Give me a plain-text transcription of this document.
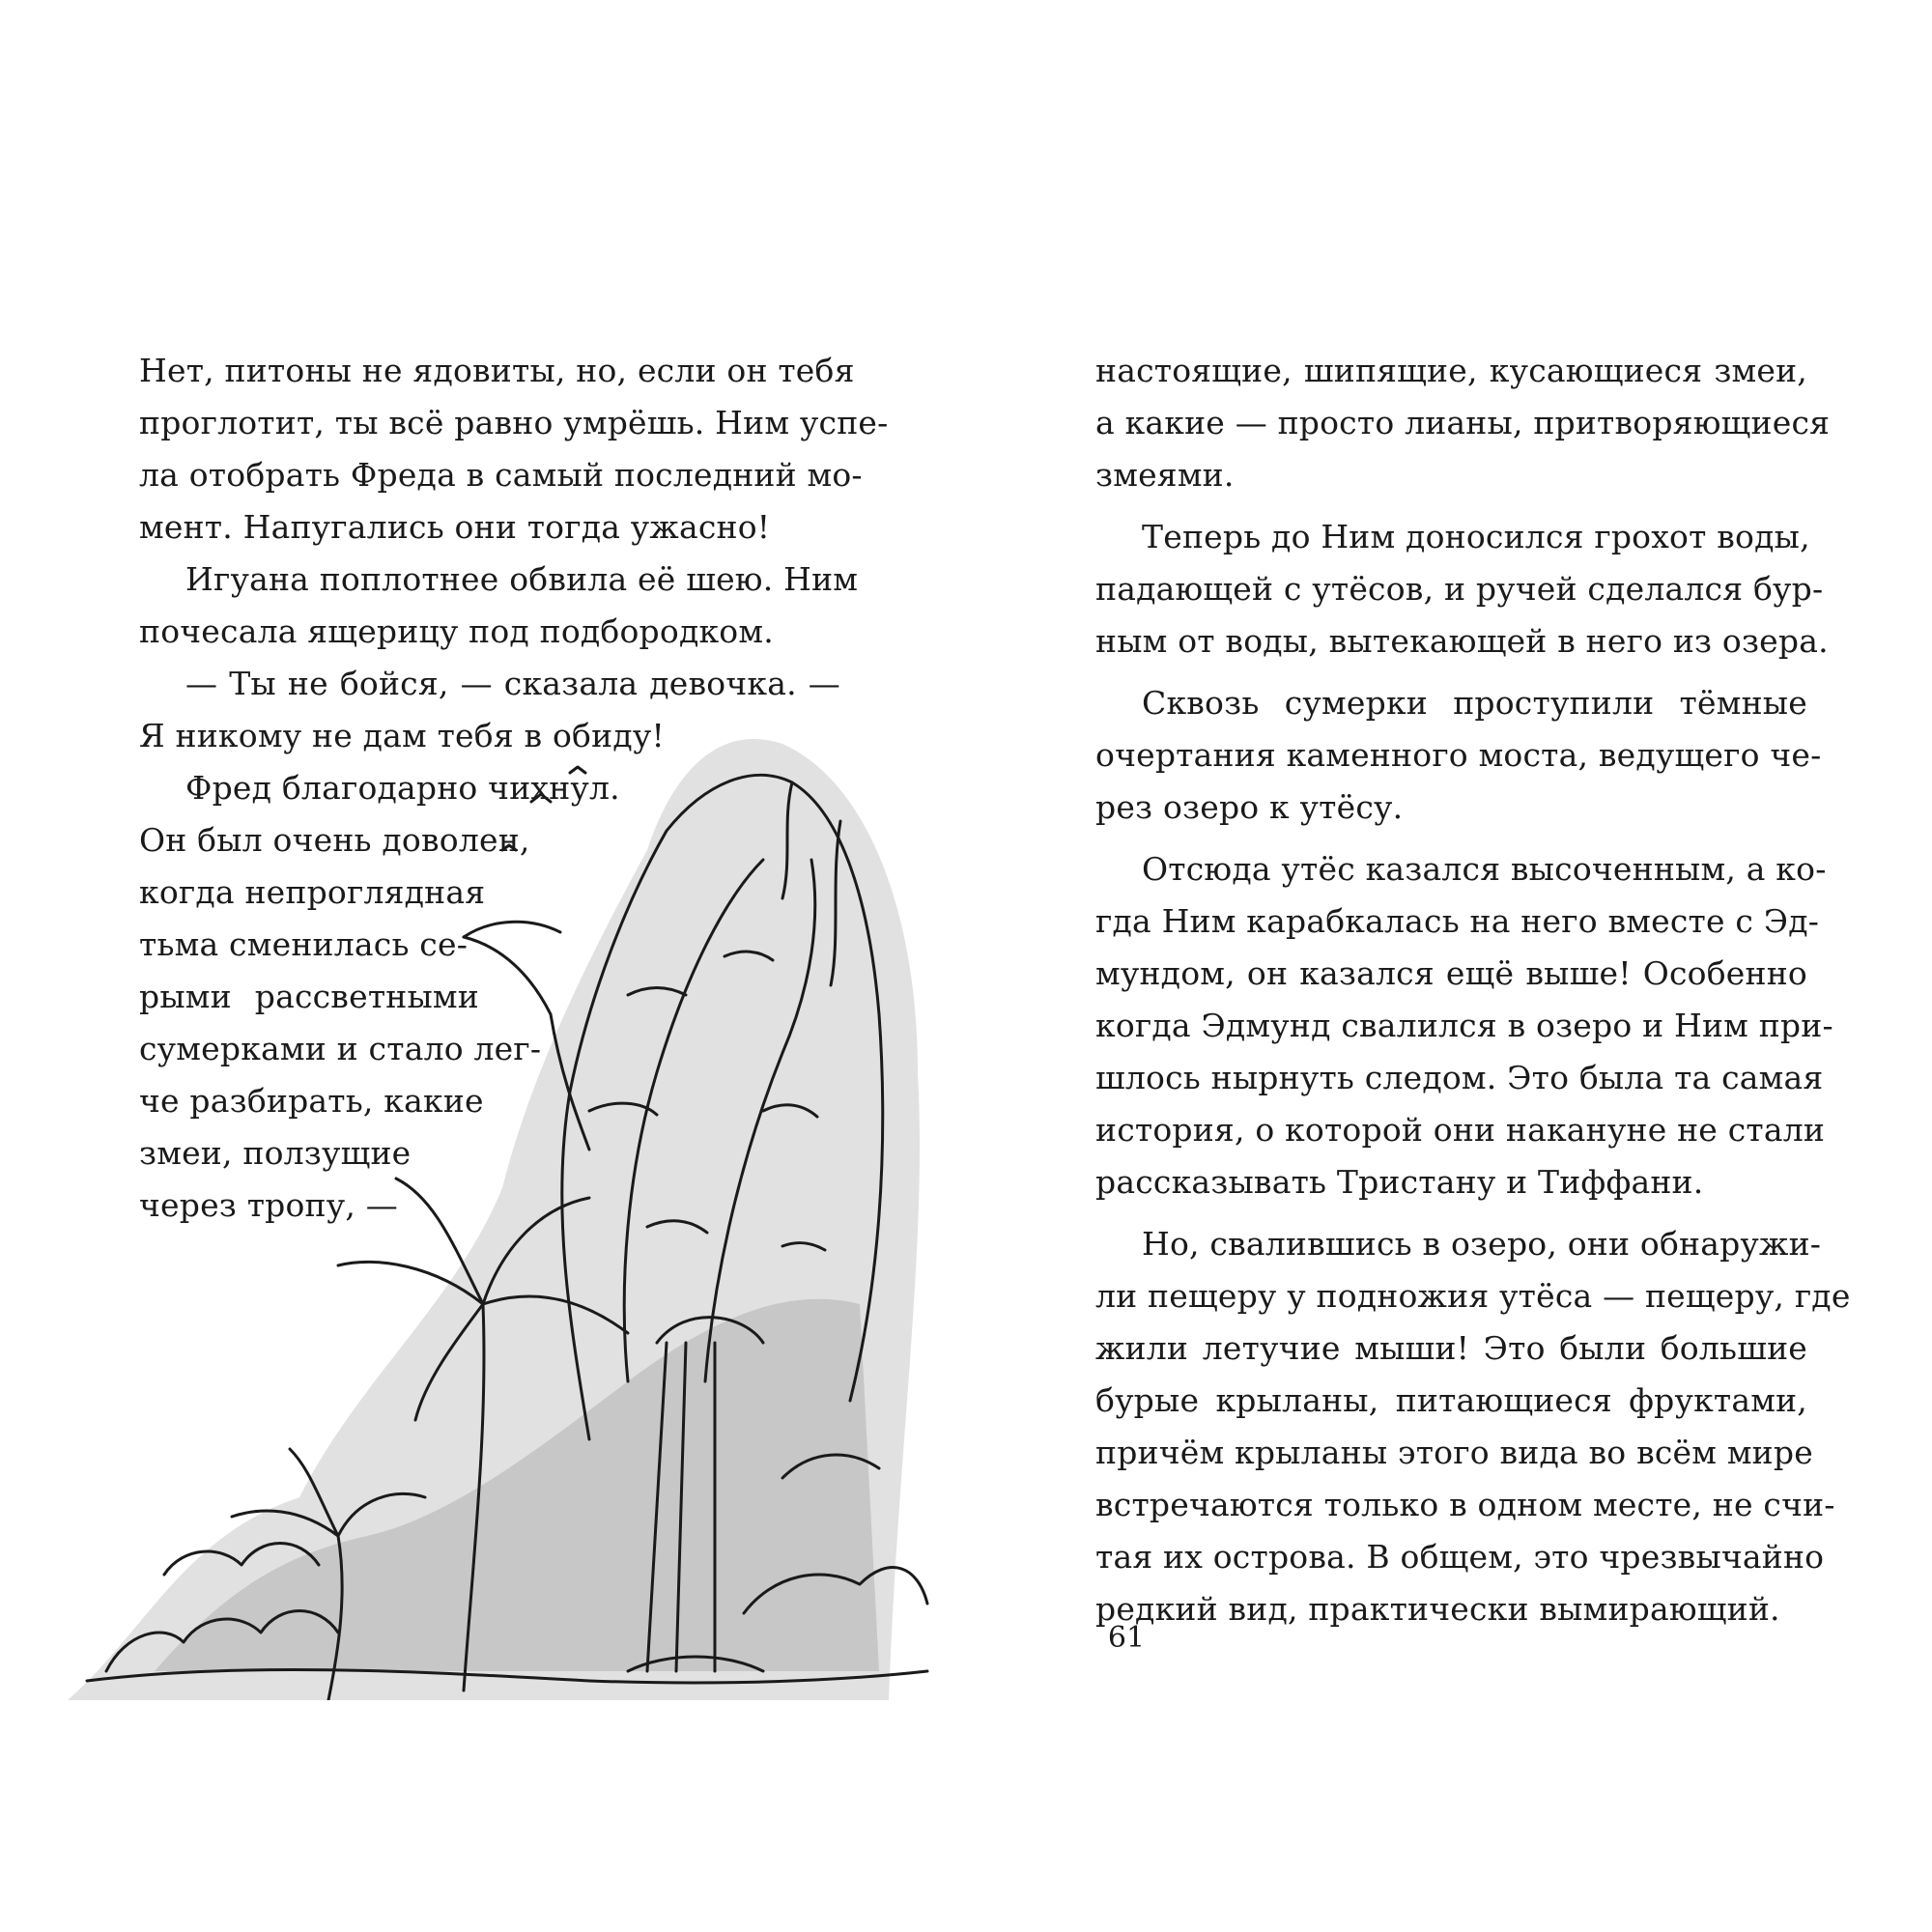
Нет, питоны не ядовиты, но, если он тебя
проглотит, ты всё равно умрёшь. Ним успе-
ла отобрать Фреда в самый последний мо-
мент. Напугались они тогда ужасно!
Игуана поплотнее обвила её шею. Ним
почесала ящерицу под подбородком.
— Ты не бойся, — сказала девочка. —
Я никому не дам тебя в обиду!
Фред благодарно чихнул.
Он был очень доволен,
когда непроглядная
тьма сменилась се-
рыми рассветными
сумерками и стало лег-
че разбирать, какие
змеи, ползущие
через тропу, —
настоящие, шипящие, кусающиеся змеи,
а какие — просто лианы, притворяющиеся
змеями.
Теперь до Ним доносился грохот воды,
падающей с утёсов, и ручей сделался бур-
ным от воды, вытекающей в него из озера.
Сквозь сумерки проступили тёмные
очертания каменного моста, ведущего че-
рез озеро к утёсу.
Отсюда утёс казался высоченным, а ко-
гда Ним карабкалась на него вместе с Эд-
мундом, он казался ещё выше! Особенно
когда Эдмунд свалился в озеро и Ним при-
шлось нырнуть следом. Это была та самая
история, о которой они накануне не стали
рассказывать Тристану и Тиффани.
Но, свалившись в озеро, они обнаружи-
ли пещеру у подножия утёса — пещеру, где
жили летучие мыши! Это были большие
бурые крыланы, питающиеся фруктами,
причём крыланы этого вида во всём мире
встречаются только в одном месте, не счи-
тая их острова. В общем, это чрезвычайно
редкий вид, практически вымирающий.
61
